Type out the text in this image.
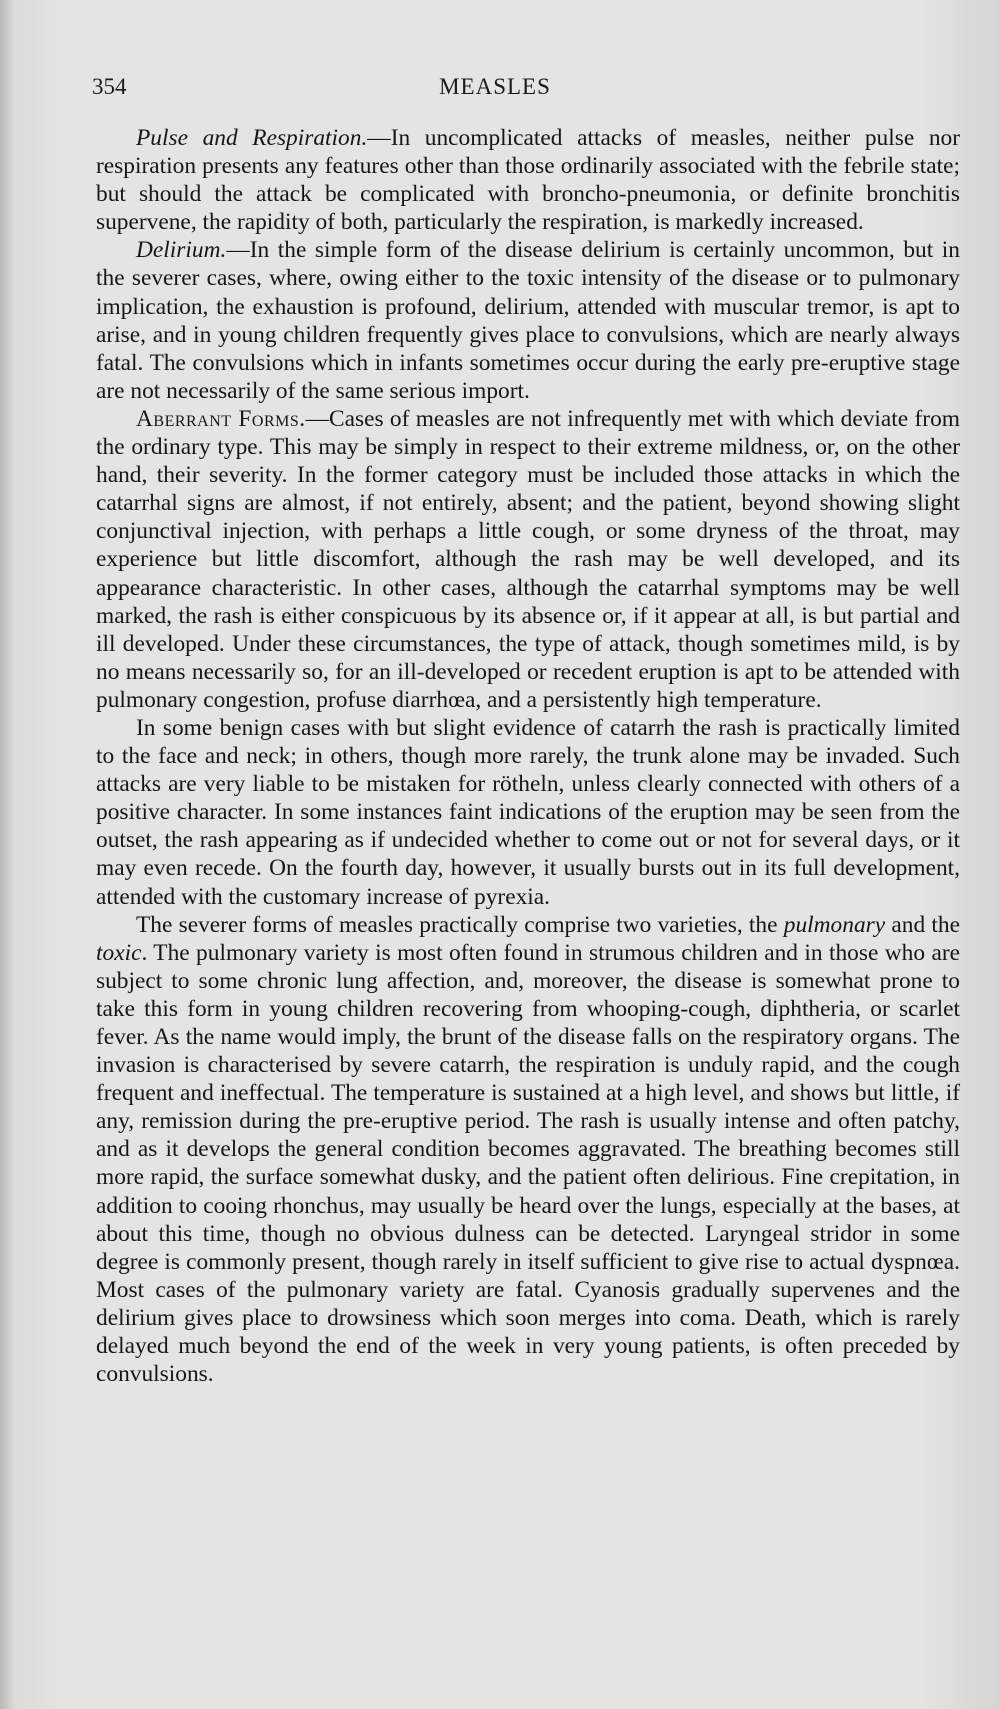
354	MEASLES

Pulse and Respiration.—In uncomplicated attacks of measles, neither pulse nor respiration presents any features other than those ordinarily associated with the febrile state; but should the attack be complicated with broncho-pneumonia, or definite bronchitis supervene, the rapidity of both, particularly the respiration, is markedly increased.

Delirium.—In the simple form of the disease delirium is certainly uncommon, but in the severer cases, where, owing either to the toxic intensity of the disease or to pulmonary implication, the exhaustion is profound, delirium, attended with muscular tremor, is apt to arise, and in young children frequently gives place to convulsions, which are nearly always fatal. The convulsions which in infants sometimes occur during the early pre-eruptive stage are not necessarily of the same serious import.

Aberrant Forms.—Cases of measles are not infrequently met with which deviate from the ordinary type. This may be simply in respect to their extreme mildness, or, on the other hand, their severity. In the former category must be included those attacks in which the catarrhal signs are almost, if not entirely, absent; and the patient, beyond showing slight conjunctival injection, with perhaps a little cough, or some dryness of the throat, may experience but little discomfort, although the rash may be well developed, and its appearance characteristic. In other cases, although the catarrhal symptoms may be well marked, the rash is either conspicuous by its absence or, if it appear at all, is but partial and ill developed. Under these circumstances, the type of attack, though sometimes mild, is by no means necessarily so, for an ill-developed or recedent eruption is apt to be attended with pulmonary congestion, profuse diarrhœa, and a persistently high temperature.

In some benign cases with but slight evidence of catarrh the rash is practically limited to the face and neck; in others, though more rarely, the trunk alone may be invaded. Such attacks are very liable to be mistaken for rötheln, unless clearly connected with others of a positive character. In some instances faint indications of the eruption may be seen from the outset, the rash appearing as if undecided whether to come out or not for several days, or it may even recede. On the fourth day, however, it usually bursts out in its full development, attended with the customary increase of pyrexia.

The severer forms of measles practically comprise two varieties, the pulmonary and the toxic. The pulmonary variety is most often found in strumous children and in those who are subject to some chronic lung affection, and, moreover, the disease is somewhat prone to take this form in young children recovering from whooping-cough, diphtheria, or scarlet fever. As the name would imply, the brunt of the disease falls on the respiratory organs. The invasion is characterised by severe catarrh, the respiration is unduly rapid, and the cough frequent and ineffectual. The temperature is sustained at a high level, and shows but little, if any, remission during the pre-eruptive period. The rash is usually intense and often patchy, and as it develops the general condition becomes aggravated. The breathing becomes still more rapid, the surface somewhat dusky, and the patient often delirious. Fine crepitation, in addition to cooing rhonchus, may usually be heard over the lungs, especially at the bases, at about this time, though no obvious dulness can be detected. Laryngeal stridor in some degree is commonly present, though rarely in itself sufficient to give rise to actual dyspnœa. Most cases of the pulmonary variety are fatal. Cyanosis gradually supervenes and the delirium gives place to drowsiness which soon merges into coma. Death, which is rarely delayed much beyond the end of the week in very young patients, is often preceded by convulsions.
